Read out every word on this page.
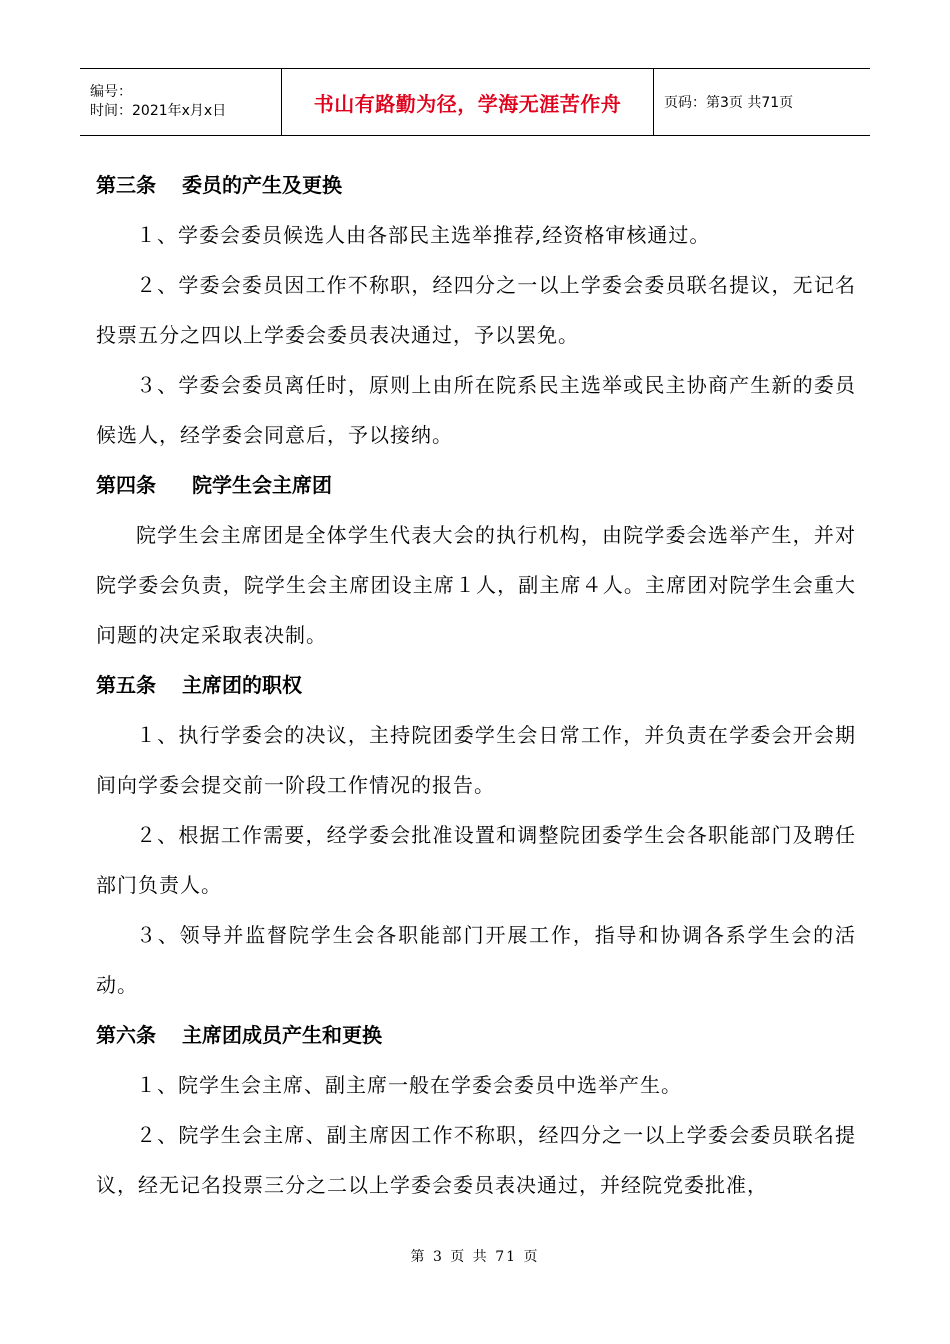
编号：
时间：2021年x月x日	书山有路勤为径，学海无涯苦作舟	页码：第3页 共71页
第三条 委员的产生及更换

１、学委会委员候选人由各部民主选举推荐,经资格审核通过。

２、学委会委员因工作不称职，经四分之一以上学委会委员联名提议，无记名投票五分之四以上学委会委员表决通过，予以罢免。

３、学委会委员离任时，原则上由所在院系民主选举或民主协商产生新的委员候选人，经学委会同意后，予以接纳。

第四条 院学生会主席团

院学生会主席团是全体学生代表大会的执行机构，由院学委会选举产生，并对院学委会负责，院学生会主席团设主席１人，副主席４人。主席团对院学生会重大问题的决定采取表决制。

第五条 主席团的职权

１、执行学委会的决议，主持院团委学生会日常工作，并负责在学委会开会期间向学委会提交前一阶段工作情况的报告。

２、根据工作需要，经学委会批准设置和调整院团委学生会各职能部门及聘任部门负责人。

３、领导并监督院学生会各职能部门开展工作，指导和协调各系学生会的活动。

第六条 主席团成员产生和更换

１、院学生会主席、副主席一般在学委会委员中选举产生。

２、院学生会主席、副主席因工作不称职，经四分之一以上学委会委员联名提议，经无记名投票三分之二以上学委会委员表决通过，并经院党委批准，

第 3 页 共 71 页
